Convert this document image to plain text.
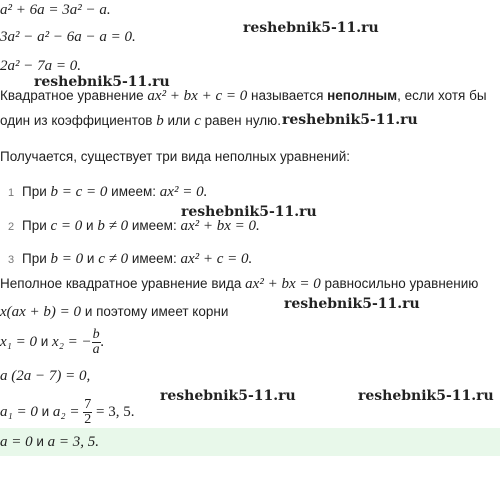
a² + 6a = 3a² − a.
reshebnik5-11.ru
3a² − a² − 6a − a = 0.
2a² − 7a = 0.
reshebnik5-11.ru
Квадратное уравнение ax² + bx + c = 0 называется неполным, если хотя бы
один из коэффициентов b или c равен нулю. reshebnik5-11.ru
Получается, существует три вида неполных уравнений:
1 При b = c = 0 имеем: ax² = 0.
reshebnik5-11.ru
2 При c = 0 и b ≠ 0 имеем: ax² + bx = 0.
3 При b = 0 и c ≠ 0 имеем: ax² + c = 0.
Неполное квадратное уравнение вида ax² + bx = 0 равносильно уравнению
reshebnik5-11.ru
x(ax + b) = 0 и поэтому имеет корни
x₁ = 0 и x₂ = − $\frac{b}{a}$ .
a (2a − 7) = 0,
reshebnik5-11.ru	reshebnik5-11.ru
a₁ = 0 и $a_2 = \frac{7}{2} = 3$, 5.
a = 0 и a = 3, 5.
